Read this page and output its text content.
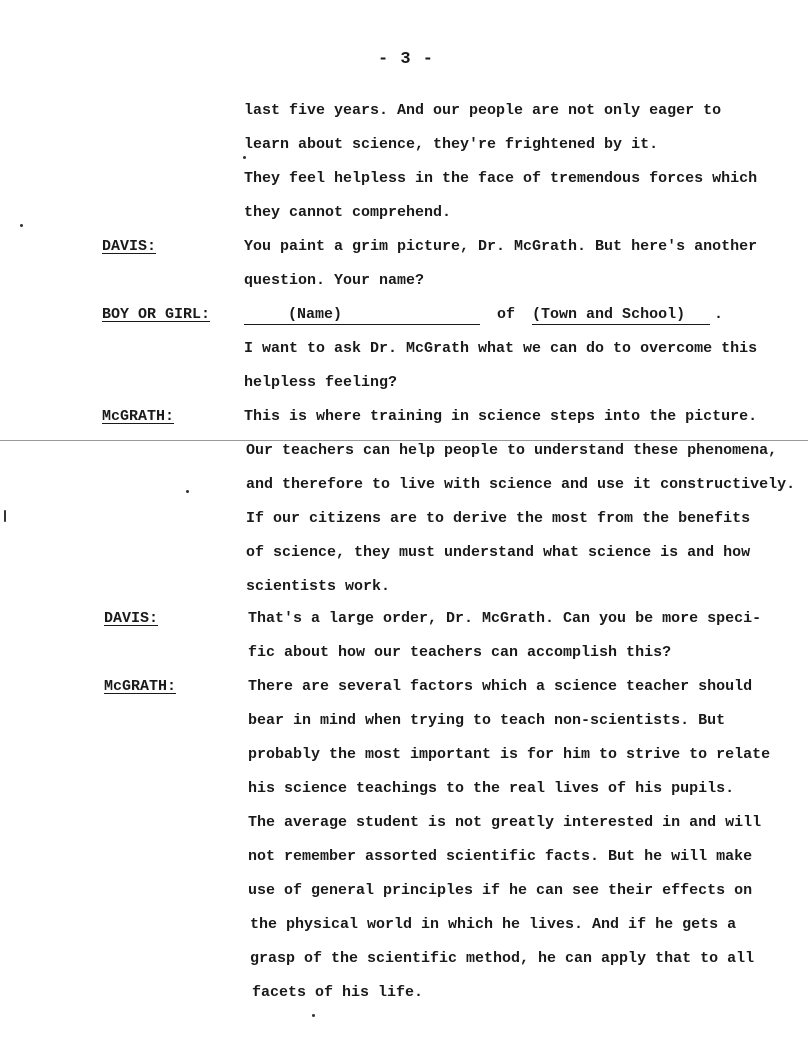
- 3 -
DAVIS:
BOY OR GIRL:
McGRATH:
DAVIS:
McGRATH:
last five years. And our people are not only eager to
learn about science, they're frightened by it.
They feel helpless in the face of tremendous forces which
they cannot comprehend.
You paint a grim picture, Dr. McGrath. But here's another
question. Your name?
(Name)	of (Town and School) .
I want to ask Dr. McGrath what we can do to overcome this
helpless feeling?
This is where training in science steps into the picture.
Our teachers can help people to understand these phenomena,
and therefore to live with science and use it constructively.
If our citizens are to derive the most from the benefits
of science, they must understand what science is and how
scientists work.
That's a large order, Dr. McGrath. Can you be more speci-
fic about how our teachers can accomplish this?
There are several factors which a science teacher should
bear in mind when trying to teach non-scientists. But
probably the most important is for him to strive to relate
his science teachings to the real lives of his pupils.
The average student is not greatly interested in and will
not remember assorted scientific facts. But he will make
use of general principles if he can see their effects on
the physical world in which he lives. And if he gets a
grasp of the scientific method, he can apply that to all
facets of his life.
